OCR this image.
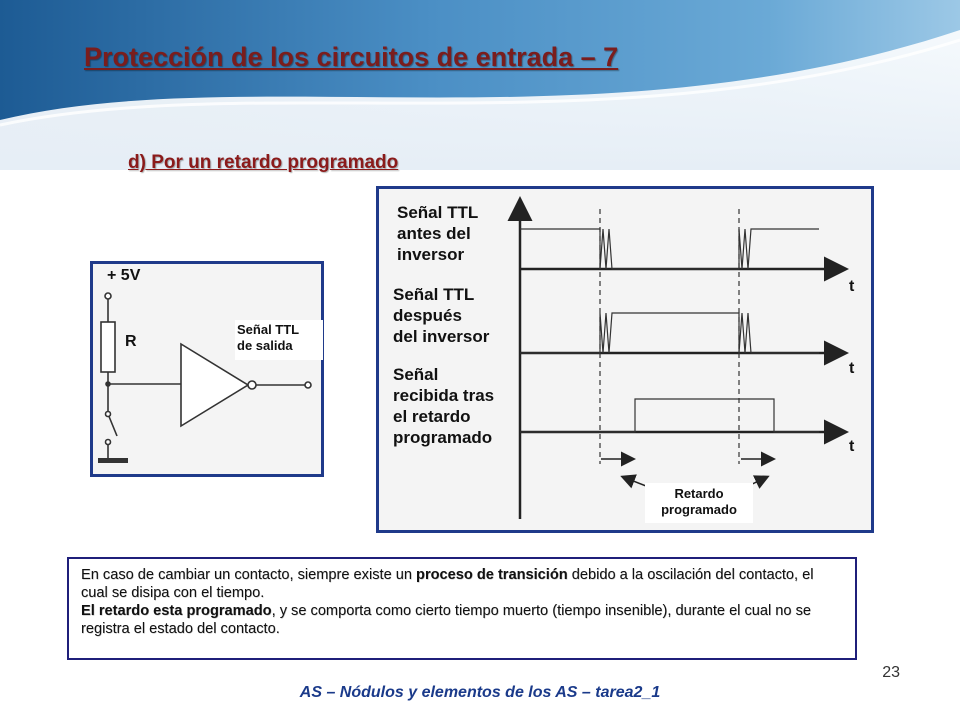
Protección de los circuitos de entrada – 7
d) Por un retardo programado
+ 5V
R
Señal TTL
de salida
Señal TTL
antes del
inversor
Señal TTL
después
del inversor
Señal
recibida tras
el retardo
programado
t
t
t
Retardo
programado
En caso de cambiar un contacto, siempre existe un proceso de transición debido a la oscilación del contacto, el cual se disipa con el tiempo.
El retardo esta programado, y se comporta como cierto tiempo muerto (tiempo insenible), durante el cual no se registra el estado del contacto.
23
AS – Nódulos y elementos de los AS – tarea2_1
